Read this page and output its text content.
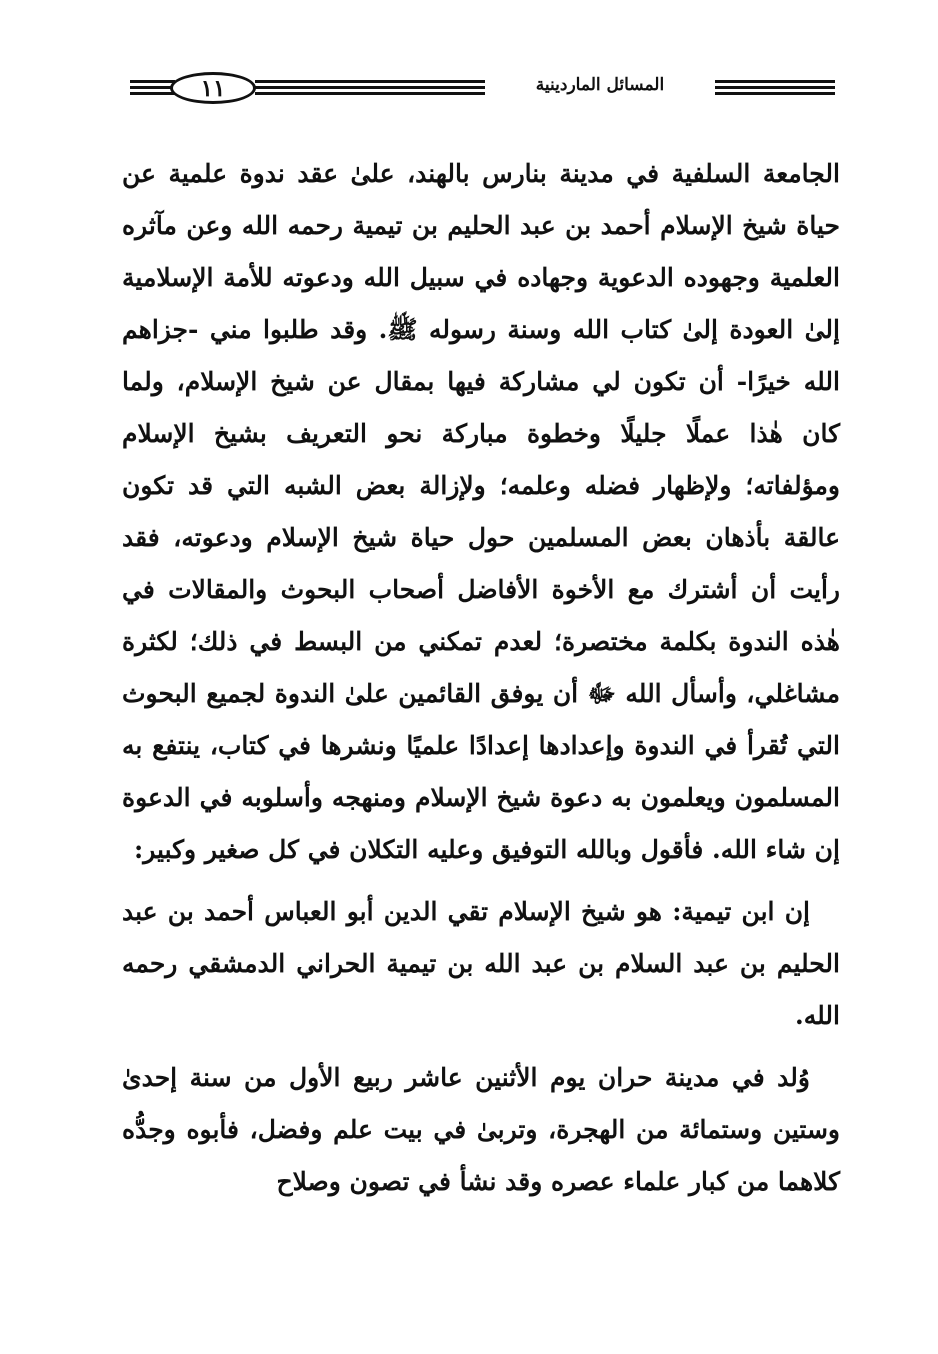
١١	المسائل الماردينية

الجامعة السلفية في مدينة بنارس بالهند، علىٰ عقد ندوة علمية عن حياة شيخ الإسلام أحمد بن عبد الحليم بن تيمية رحمه الله وعن مآثره العلمية وجهوده الدعوية وجهاده في سبيل الله ودعوته للأمة الإسلامية إلىٰ العودة إلىٰ كتاب الله وسنة رسوله ﷺ. وقد طلبوا مني -جزاهم الله خيرًا- أن تكون لي مشاركة فيها بمقال عن شيخ الإسلام، ولما كان هٰذا عملًا جليلًا وخطوة مباركة نحو التعريف بشيخ الإسلام ومؤلفاته؛ ولإظهار فضله وعلمه؛ ولإزالة بعض الشبه التي قد تكون عالقة بأذهان بعض المسلمين حول حياة شيخ الإسلام ودعوته، فقد رأيت أن أشترك مع الأخوة الأفاضل أصحاب البحوث والمقالات في هٰذه الندوة بكلمة مختصرة؛ لعدم تمكني من البسط في ذلك؛ لكثرة مشاغلي، وأسأل الله ﷻ أن يوفق القائمين علىٰ الندوة لجميع البحوث التي تُقرأ في الندوة وإعدادها إعدادًا علميًا ونشرها في كتاب، ينتفع به المسلمون ويعلمون به دعوة شيخ الإسلام ومنهجه وأسلوبه في الدعوة إن شاء الله. فأقول وبالله التوفيق وعليه التكلان في كل صغير وكبير:

إن ابن تيمية: هو شيخ الإسلام تقي الدين أبو العباس أحمد بن عبد الحليم بن عبد السلام بن عبد الله بن تيمية الحراني الدمشقي رحمه الله.

وُلد في مدينة حران يوم الأثنين عاشر ربيع الأول من سنة إحدىٰ وستين وستمائة من الهجرة، وتربىٰ في بيت علم وفضل، فأبوه وجدُّه كلاهما من كبار علماء عصره وقد نشأ في تصون وصلاح
